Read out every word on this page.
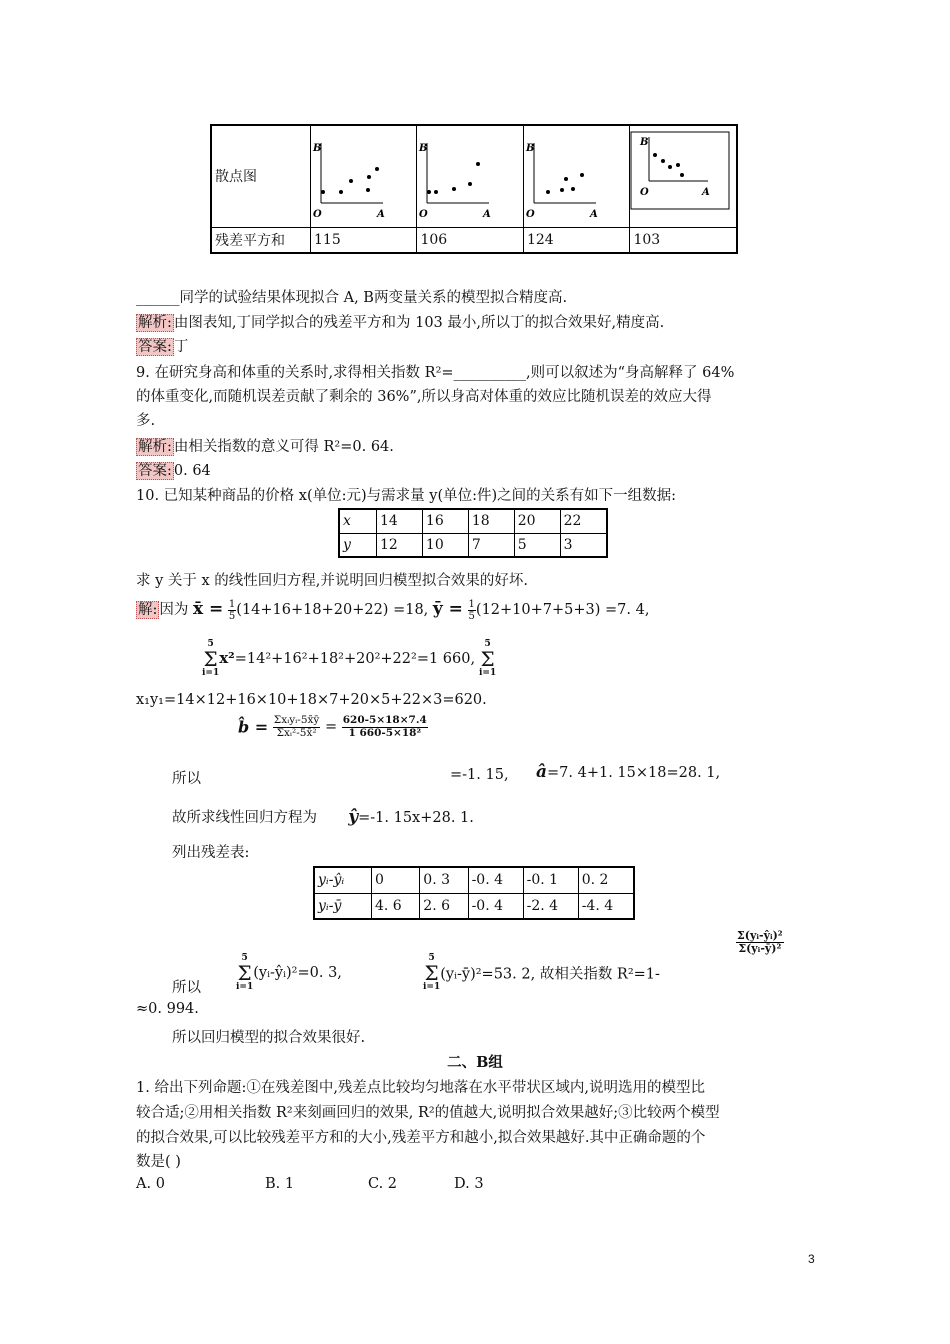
散点图	B
O A	B
O A	B
O A	B
O A

残差平方和	115	106	124	103
______同学的试验结果体现拟合 A, B两变量关系的模型拟合精度高.
解析: 由图表知,丁同学拟合的残差平方和为 103 最小,所以丁的拟合效果好,精度高.
答案: 丁
9. 在研究身高和体重的关系时,求得相关指数 R²=__________,则可以叙述为“身高解释了 64%
的体重变化,而随机误差贡献了剩余的 36%”,所以身高对体重的效应比随机误差的效应大得
多.
解析: 由相关指数的意义可得 R²=0. 64.
答案: 0. 64
10. 已知某种商品的价格 x(单位:元)与需求量 y(单位:件)之间的关系有如下一组数据:
x	14	16	18	20	22
y	12	10	7	5	3
求 y 关于 x 的线性回归方程,并说明回归模型拟合效果的好坏.
解: 因为 x̄ = $\frac{1}{5}(14+16+18+20+22) =18$, ȳ = $\frac{1}{5}(12+10+7+5+3) =7$. 4,
5
Σ
i=1
x²=14²+16²+18²+20²+22²=1 660,
5
Σ
i=1
x₁y₁=14×12+16×10+18×7+20×5+22×3=620.
b̂ = $\frac{\text{Σxᵢyᵢ-5x̄ȳ}}{\text{Σxᵢ²-5x̄²}} = \frac{620-5\times 18\times 7.4}{\text{1 660-5×18²}}$
所以	=-1. 15, â=7. 4+1. 15×18=28. 1,
故所求线性回归方程为 ŷ=-1. 15x+28. 1.
列出残差表:
yᵢ-ŷᵢ	0	0. 3	-0. 4	-0. 1	0. 2
yᵢ-ȳ	4. 6	2. 6	-0. 4	-2. 4	-4. 4
所以
5
Σ
i=1
(yᵢ-ŷᵢ)²=0. 3,
5
Σ
i=1
(yᵢ-ȳ)²=53. 2, 故相关指数 R²=1-
$\frac{\text{Σ(yᵢ-ŷᵢ)²}}{\text{Σ(yᵢ-ȳ)²}}$
≈0. 994.
所以回归模型的拟合效果很好.
二、B组
1. 给出下列命题:①在残差图中,残差点比较均匀地落在水平带状区域内,说明选用的模型比
较合适;②用相关指数 R²来刻画回归的效果, R²的值越大,说明拟合效果越好;③比较两个模型
的拟合效果,可以比较残差平方和的大小,残差平方和越小,拟合效果越好.其中正确命题的个
数是( )
A. 0	B. 1	C. 2	D. 3
3
